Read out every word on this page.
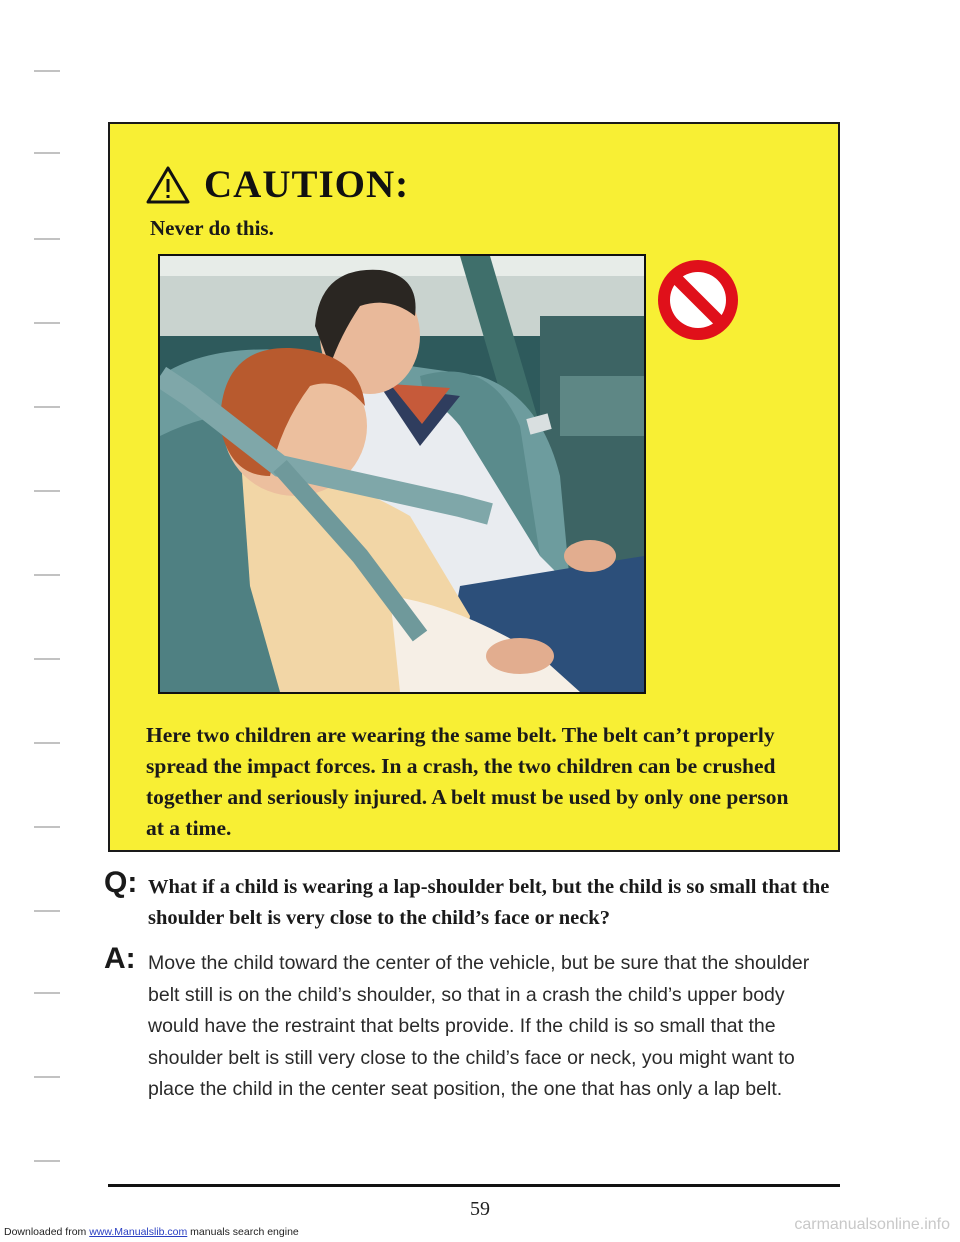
CAUTION:
Never do this.

Here two children are wearing the same belt. The belt can’t properly spread the impact forces. In a crash, the two children can be crushed together and seriously injured. A belt must be used by only one person at a time.

Q: What if a child is wearing a lap-shoulder belt, but the child is so small that the shoulder belt is very close to the child’s face or neck?

A: Move the child toward the center of the vehicle, but be sure that the shoulder belt still is on the child’s shoulder, so that in a crash the child’s upper body would have the restraint that belts provide. If the child is so small that the shoulder belt is still very close to the child’s face or neck, you might want to place the child in the center seat position, the one that has only a lap belt.

59
Downloaded from www.Manualslib.com manuals search engine	carmanualsonline.info
